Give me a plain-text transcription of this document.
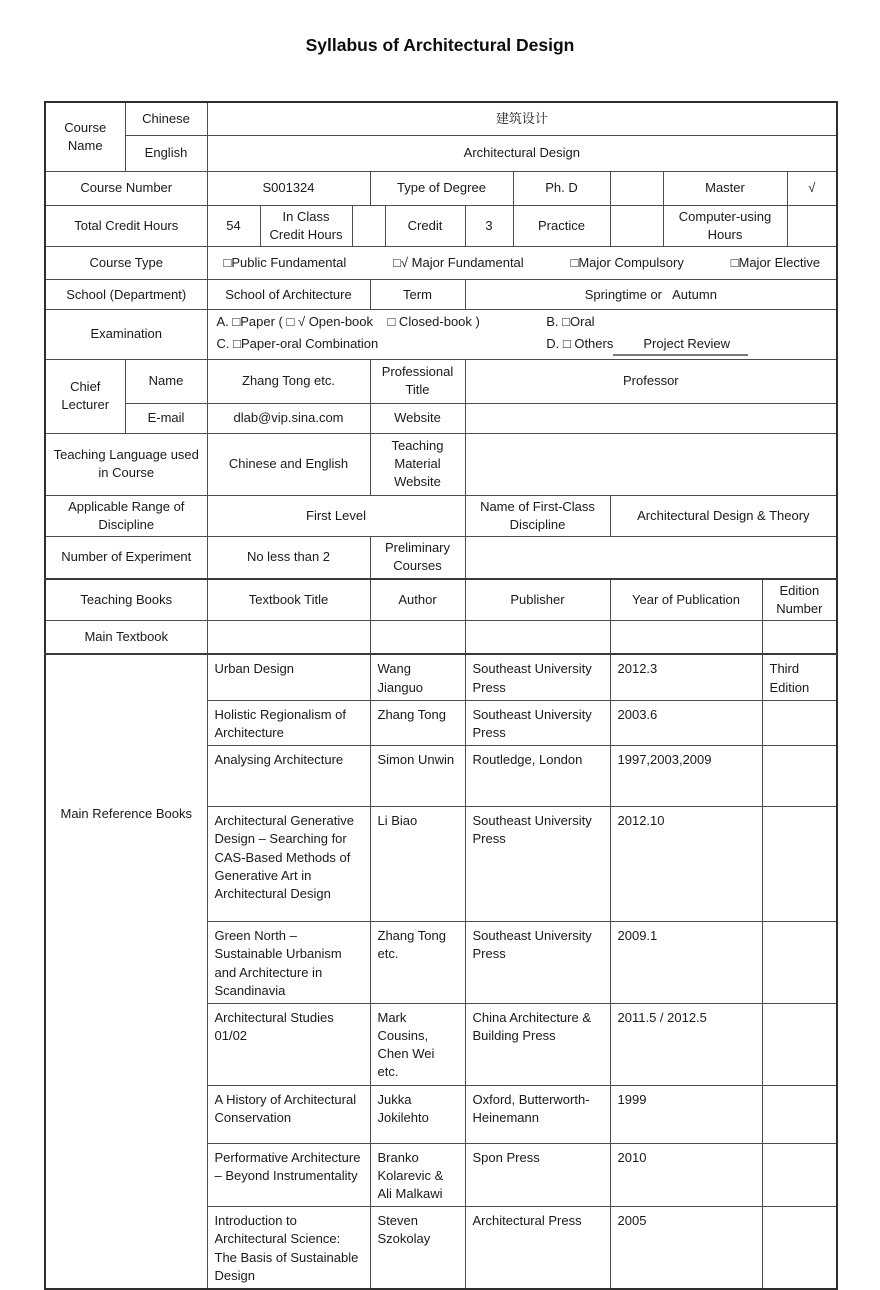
Syllabus of Architectural Design
Course Name	Chinese	建筑设计										
	English	Architectural Design										
Course Number		S001324			Type of Degree			Ph. D		Master		√
Total Credit Hours		54	In Class Credit Hours			Credit	3	Practice		Computer-using Hours		
Course Type		□Public Fundamental □√ Major Fundamental □Major Compulsory □Major Elective										

School (Department)		School of Architecture			Term		Springtime or   Autumn					
Examination		A. □Paper ( □ √ Open-book    □ Closed-book ) B. □Oral
C. □Paper-oral Combination D. □ Others Project Review										

Chief Lecturer	Name	Zhang Tong etc.			Professional Title		Professor					
	E-mail	dlab@vip.sina.com			Website							
Teaching Language used in Course		Chinese and English			Teaching Material Website							
Applicable Range of Discipline		First Level					Name of First-Class Discipline		Architectural Design & Theory			
Number of Experiment		No less than 2			Preliminary Courses							
Teaching Books		Textbook Title			Author		Publisher		Year of Publication		Edition Number	
Main Textbook												
Main Reference Books		Urban Design			Wang Jianguo		Southeast University Press		2012.3		Third Edition	
		Holistic Regionalism of Architecture			Zhang Tong		Southeast University Press		2003.6			
		Analysing Architecture			Simon Unwin		Routledge, London		1997,2003,2009			
		Architectural Generative Design – Searching for CAS-Based Methods of Generative Art in Architectural Design			Li Biao		Southeast University Press		2012.10			
		Green North – Sustainable Urbanism and Architecture in Scandinavia			Zhang Tong etc.		Southeast University Press		2009.1			
		Architectural Studies 01/02			Mark Cousins, Chen Wei etc.		China Architecture & Building Press		2011.5 / 2012.5			
		A History of Architectural Conservation			Jukka Jokilehto		Oxford, Butterworth-Heinemann		1999			
		Performative Architecture – Beyond Instrumentality			Branko Kolarevic & Ali Malkawi		Spon Press		2010			
		Introduction to Architectural Science: The Basis of Sustainable Design			Steven Szokolay		Architectural Press		2005			
